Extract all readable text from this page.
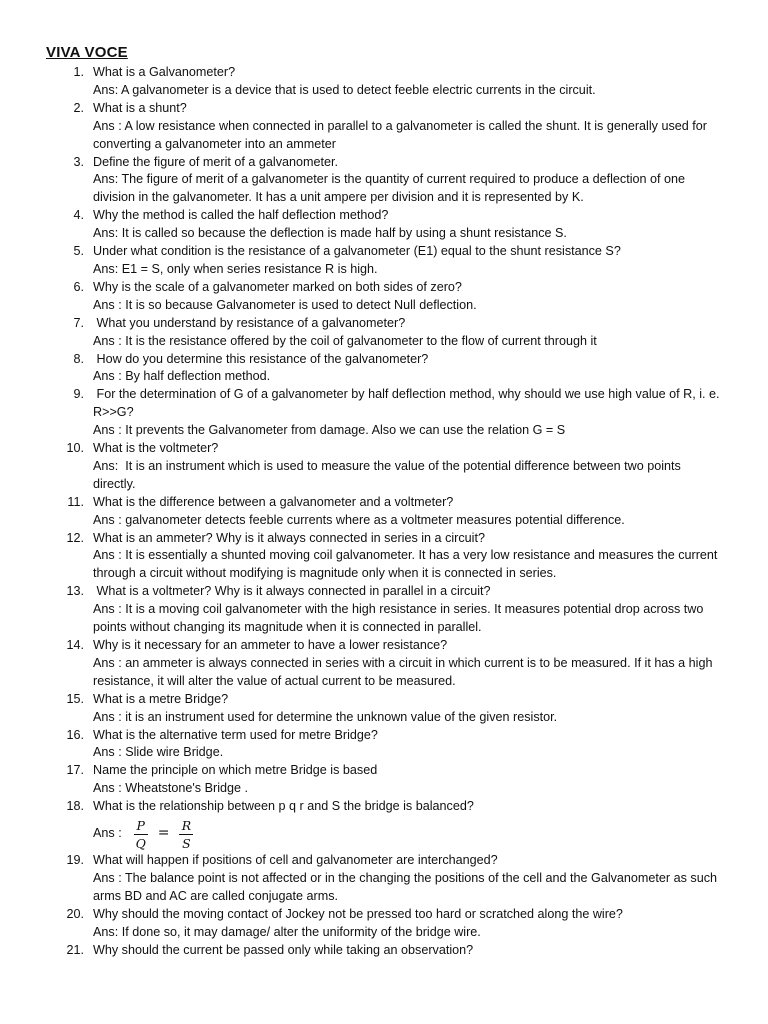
VIVA VOCE
1. What is a Galvanometer?
Ans: A galvanometer is a device that is used to detect feeble electric currents in the circuit.
2. What is a shunt?
Ans : A low resistance when connected in parallel to a galvanometer is called the shunt. It is generally used for converting a galvanometer into an ammeter
3. Define the figure of merit of a galvanometer.
Ans: The figure of merit of a galvanometer is the quantity of current required to produce a deflection of one division in the galvanometer. It has a unit ampere per division and it is represented by K.
4. Why the method is called the half deflection method?
Ans: It is called so because the deflection is made half by using a shunt resistance S.
5. Under what condition is the resistance of a galvanometer (E1) equal to the shunt resistance S?
Ans: E1 = S, only when series resistance R is high.
6. Why is the scale of a galvanometer marked on both sides of zero?
Ans : It is so because Galvanometer is used to detect Null deflection.
7. What you understand by resistance of a galvanometer?
Ans : It is the resistance offered by the coil of galvanometer to the flow of current through it
8. How do you determine this resistance of the galvanometer?
Ans : By half deflection method.
9. For the determination of G of a galvanometer by half deflection method, why should we use high value of R, i. e. R>>G?
Ans : It prevents the Galvanometer from damage. Also we can use the relation G = S
10. What is the voltmeter?
Ans:  It is an instrument which is used to measure the value of the potential difference between two points directly.
11. What is the difference between a galvanometer and a voltmeter?
Ans : galvanometer detects feeble currents where as a voltmeter measures potential difference.
12. What is an ammeter? Why is it always connected in series in a circuit?
Ans : It is essentially a shunted moving coil galvanometer. It has a very low resistance and measures the current through a circuit without modifying is magnitude only when it is connected in series.
13. What is a voltmeter? Why is it always connected in parallel in a circuit?
Ans : It is a moving coil galvanometer with the high resistance in series. It measures potential drop across two points without changing its magnitude when it is connected in parallel.
14. Why is it necessary for an ammeter to have a lower resistance?
Ans : an ammeter is always connected in series with a circuit in which current is to be measured. If it has a high resistance, it will alter the value of actual current to be measured.
15. What is a metre Bridge?
Ans : it is an instrument used for determine the unknown value of the given resistor.
16. What is the alternative term used for metre Bridge?
Ans : Slide wire Bridge.
17. Name the principle on which metre Bridge is based
Ans : Wheatstone's Bridge .
18. What is the relationship between p q r and S the bridge is balanced?
Ans : $\frac{P}{Q} = \frac{R}{S}$
19. What will happen if positions of cell and galvanometer are interchanged?
Ans : The balance point is not affected or in the changing the positions of the cell and the Galvanometer as such arms BD and AC are called conjugate arms.
20. Why should the moving contact of Jockey not be pressed too hard or scratched along the wire?
Ans: If done so, it may damage/ alter the uniformity of the bridge wire.
21. Why should the current be passed only while taking an observation?
